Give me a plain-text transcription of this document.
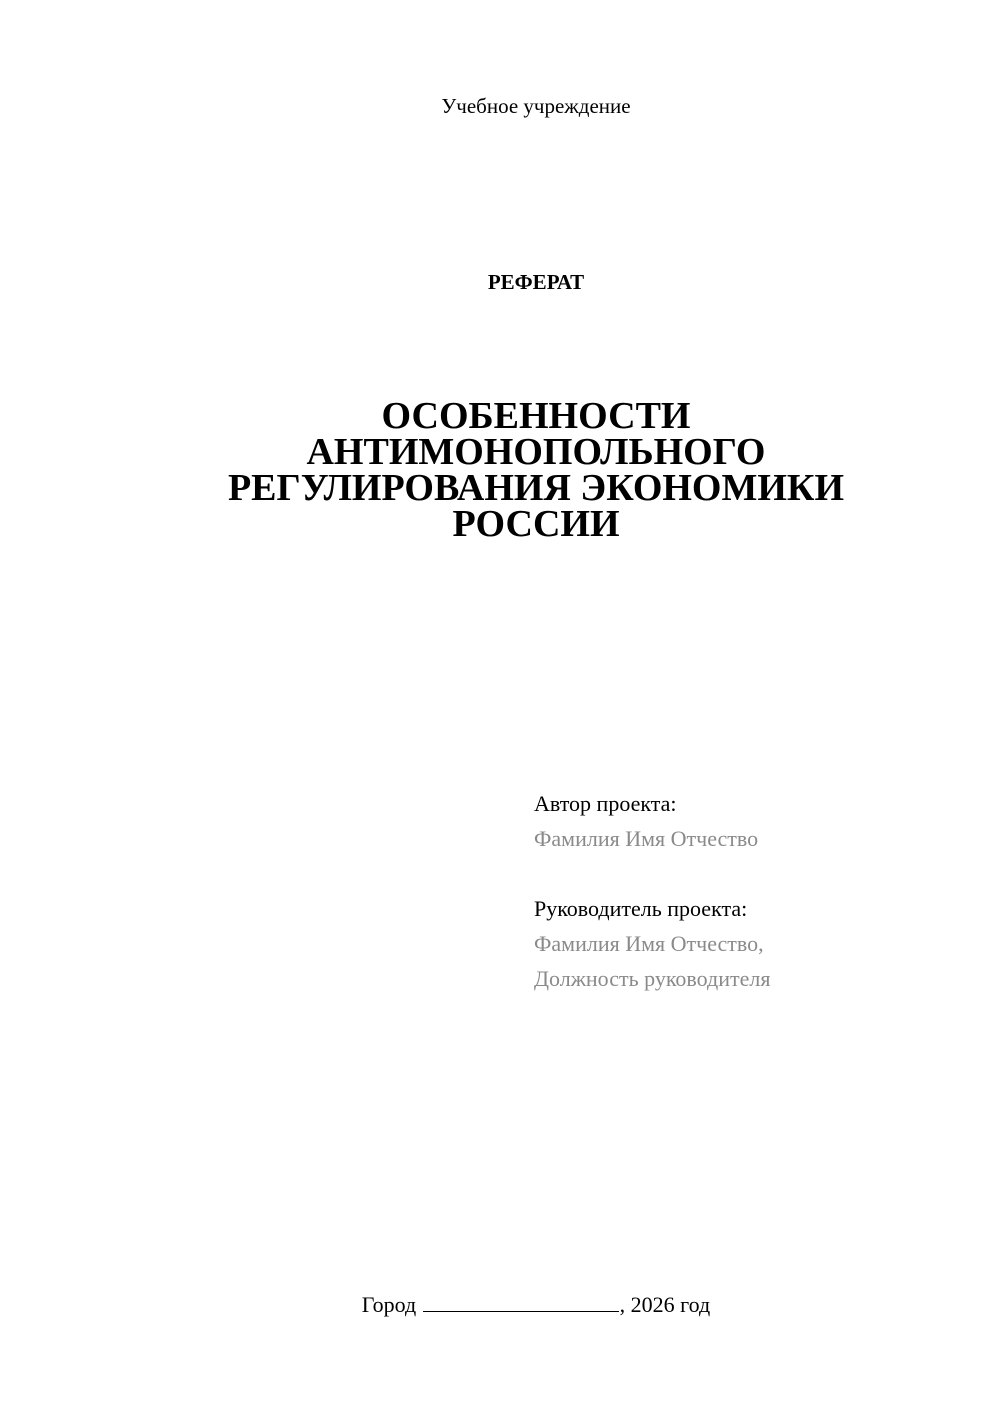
Учебное учреждение
РЕФЕРАТ
ОСОБЕННОСТИ
АНТИМОНОПОЛЬНОГО
РЕГУЛИРОВАНИЯ ЭКОНОМИКИ
РОССИИ
Автор проекта:
Фамилия Имя Отчество
Руководитель проекта:
Фамилия Имя Отчество,
Должность руководителя
Город	, 2026 год
